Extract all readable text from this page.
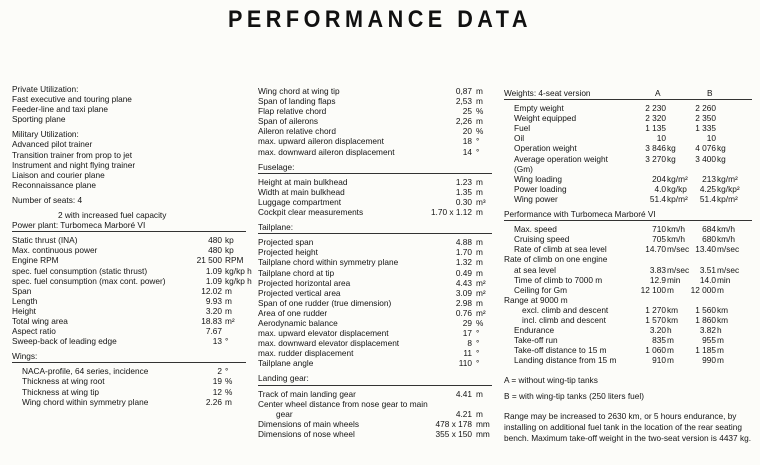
PERFORMANCE DATA
Private Utilization:
Fast executive and touring plane
Feeder-line and taxi plane
Sporting plane
Military Utilization:
Advanced pilot trainer
Transition trainer from prop to jet
Instrument and night flying trainer
Liaison and courier plane
Reconnaissance plane
Number of seats: 4
2 with increased fuel capacity
Power plant: Turbomeca Marboré VI
Static thrust (INA)	480 kp
Max. continuous power	480 kp
Engine RPM	21 500 RPM
spec. fuel consumption (static thrust)	1.09 kg/kp h
spec. fuel consumption (max cont. power)	1.09 kg/kp h
Span	12.02 m
Length	9.93 m
Height	3.20 m
Total wing area	18.83 m²
Aspect ratio	7.67
Sweep-back of leading edge	13 °
Wings:
NACA-profile, 64 series, incidence	2 °
Thickness at wing root	19 %
Thickness at wing tip	12 %
Wing chord within symmetry plane	2.26 m
Wing chord at wing tip	0,87 m
Span of landing flaps	2,53 m
Flap relative chord	25 %
Span of ailerons	2,26 m
Aileron relative chord	20 %
max. upward aileron displacement	18 °
max. downward aileron displacement	14 °
Fuselage:
Height at main bulkhead	1.23 m
Width at main bulkhead	1.35 m
Luggage compartment	0.30 m³
Cockpit clear measurements	1.70 x 1.12 m
Tailplane:
Projected span	4.88 m
Projected height	1.70 m
Tailplane chord within symmetry plane	1.32 m
Tailplane chord at tip	0.49 m
Projected horizontal area	4.43 m²
Projected vertical area	3.09 m²
Span of one rudder (true dimension)	2.98 m
Area of one rudder	0.76 m²
Aerodynamic balance	29 %
max. upward elevator displacement	17 °
max. downward elevator displacement	8 °
max. rudder displacement	11 °
Tailplane angle	110 °
Landing gear:
Track of main landing gear	4.41 m
Center wheel distance from nose gear to main
gear	4.21 m
Dimensions of main wheels	478 x 178 mm
Dimensions of nose wheel	355 x 150 mm
Weights: 4-seat version	A	B
Empty weight	2 230	2 260
Weight equipped	2 320	2 350
Fuel	1 135	1 335
Oil	10	10
Operation weight	3 846 kg 4 076 kg
Average operation weight	3 270 kg 3 400 kg
(Gm)
Wing loading	204 kg/m² 213 kg/m²
Power loading	4.0 kg/kp 4.25 kg/kp²
Wing power	51.4 kp/m² 51.4 kp/m²
Performance with Turbomeca Marboré VI
Max. speed	710 km/h 684 km/h
Cruising speed	705 km/h 680 km/h
Rate of climb at sea level	14.70 m/sec 13.40 m/sec
Rate of climb on one engine
at sea level	3.83 m/sec 3.51 m/sec
Time of climb to 7000 m	12.9 min 14.0 min
Ceiling for Gm	12 100 m 12 000 m
Range at 9000 m
excl. climb and descent	1 270 km 1 560 km
incl. climb and descent	1 570 km 1 860 km
Endurance	3.20 h	3.82 h
Take-off run	835 m	955 m
Take-off distance to 15 m	1 060 m	1 185 m
Landing distance from 15 m	910 m	990 m
A = without wing-tip tanks
B = with wing-tip tanks (250 liters fuel)
Range may be increased to 2630 km, or 5 hours endurance, by installing on additional fuel tank in the location of the rear seating bench. Maximum take-off weight in the two-seat version is 4437 kg.
